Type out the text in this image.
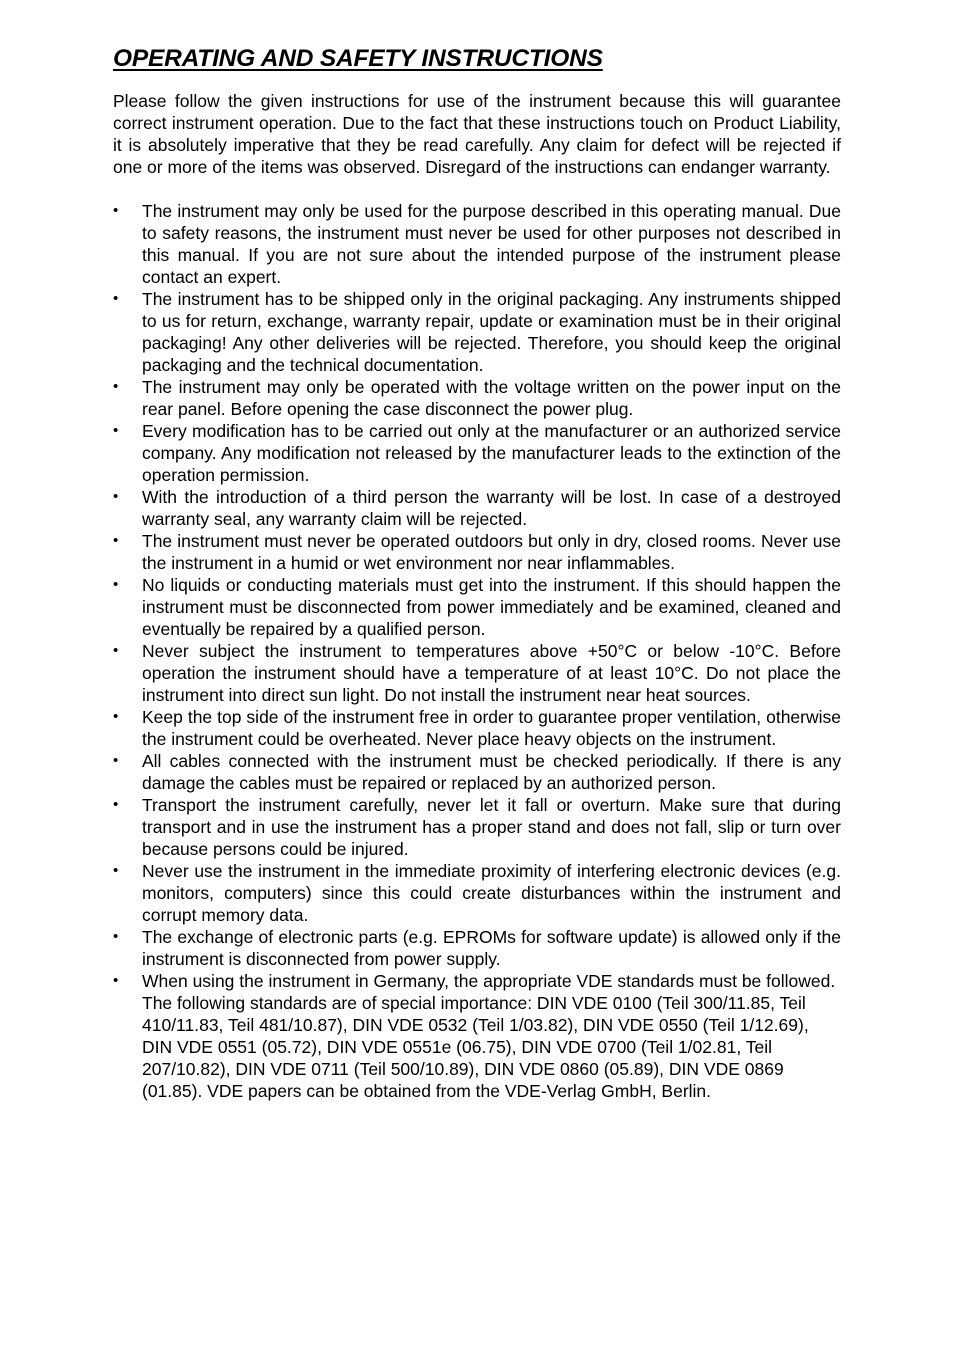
OPERATING AND SAFETY INSTRUCTIONS

Please follow the given instructions for use of the instrument because this will guarantee correct instrument operation. Due to the fact that these instructions touch on Product Liability, it is absolutely imperative that they be read carefully. Any claim for defect will be rejected if one or more of the items was observed. Disregard of the instructions can endanger warranty.

•	The instrument may only be used for the purpose described in this operating manual. Due to safety reasons, the instrument must never be used for other purposes not described in this manual. If you are not sure about the intended purpose of the instrument please contact an expert.
•	The instrument has to be shipped only in the original packaging. Any instruments shipped to us for return, exchange, warranty repair, update or examination must be in their original packaging! Any other deliveries will be rejected. Therefore, you should keep the original packaging and the technical documentation.
•	The instrument may only be operated with the voltage written on the power input on the rear panel. Before opening the case disconnect the power plug.
•	Every modification has to be carried out only at the manufacturer or an authorized service company. Any modification not released by the manufacturer leads to the extinction of the operation permission.
•	With the introduction of a third person the warranty will be lost. In case of a destroyed warranty seal, any warranty claim will be rejected.
•	The instrument must never be operated outdoors but only in dry, closed rooms. Never use the instrument in a humid or wet environment nor near inflammables.
•	No liquids or conducting materials must get into the instrument. If this should happen the instrument must be disconnected from power immediately and be examined, cleaned and eventually be repaired by a qualified person.
•	Never subject the instrument to temperatures above +50°C or below -10°C. Before operation the instrument should have a temperature of at least 10°C. Do not place the instrument into direct sun light. Do not install the instrument near heat sources.
•	Keep the top side of the instrument free in order to guarantee proper ventilation, otherwise the instrument could be overheated. Never place heavy objects on the instrument.
•	All cables connected with the instrument must be checked periodically. If there is any damage the cables must be repaired or replaced by an authorized person.
•	Transport the instrument carefully, never let it fall or overturn. Make sure that during transport and in use the instrument has a proper stand and does not fall, slip or turn over because persons could be injured.
•	Never use the instrument in the immediate proximity of interfering electronic devices (e.g. monitors, computers) since this could create disturbances within the instrument and corrupt memory data.
•	The exchange of electronic parts (e.g. EPROMs for software update) is allowed only if the instrument is disconnected from power supply.
•	When using the instrument in Germany, the appropriate VDE standards must be followed. The following standards are of special importance: DIN VDE 0100 (Teil 300/11.85, Teil 410/11.83, Teil 481/10.87), DIN VDE 0532 (Teil 1/03.82), DIN VDE 0550 (Teil 1/12.69), DIN VDE 0551 (05.72), DIN VDE 0551e (06.75), DIN VDE 0700 (Teil 1/02.81, Teil 207/10.82), DIN VDE 0711 (Teil 500/10.89), DIN VDE 0860 (05.89), DIN VDE 0869 (01.85). VDE papers can be obtained from the VDE-Verlag GmbH, Berlin.
